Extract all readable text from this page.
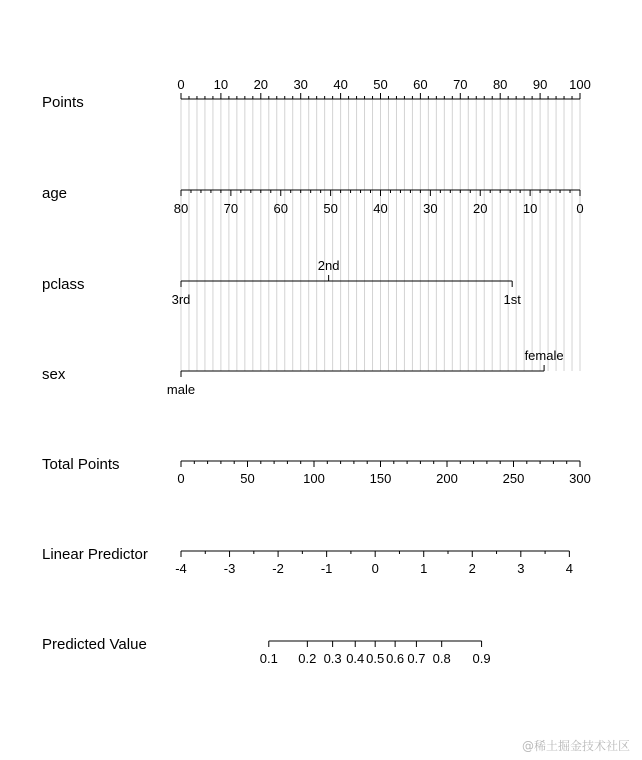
0 10 20 30 40 50 60 70 80 90 100
Points
80	70	60	50	40	30	20	10	0
age
3rd
2nd
1st
pclass
male
female
sex
0	50	100	150	200	250	300
Total Points
-4	-3	-2	-1	0	1	2	3	4
Linear Predictor
0.1 0.2 0.3 0.4 0.5 0.6 0.7 0.8 0.9
Predicted Value
@稀土掘金技术社区
